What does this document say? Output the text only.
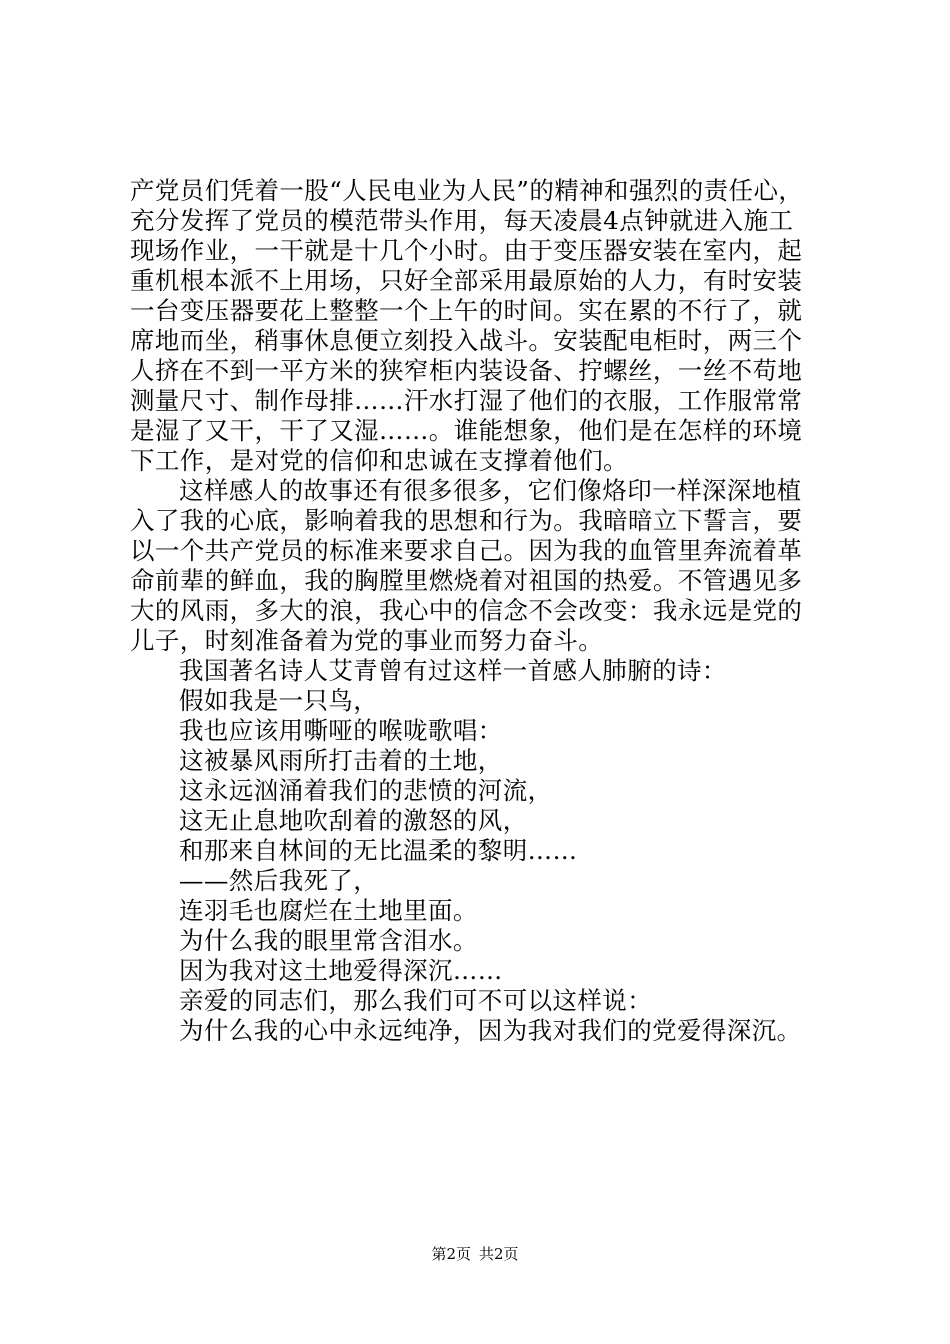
产党员们凭着一股“人民电业为人民”的精神和强烈的责任心，
充分发挥了党员的模范带头作用，每天凌晨4点钟就进入施工
现场作业，一干就是十几个小时。由于变压器安装在室内，起
重机根本派不上用场，只好全部采用最原始的人力，有时安装
一台变压器要花上整整一个上午的时间。实在累的不行了，就
席地而坐，稍事休息便立刻投入战斗。安装配电柜时，两三个
人挤在不到一平方米的狭窄柜内装设备、拧螺丝，一丝不苟地
测量尺寸、制作母排……汗水打湿了他们的衣服，工作服常常
是湿了又干，干了又湿……。谁能想象，他们是在怎样的环境
下工作，是对党的信仰和忠诚在支撑着他们。
这样感人的故事还有很多很多，它们像烙印一样深深地植
入了我的心底，影响着我的思想和行为。我暗暗立下誓言，要
以一个共产党员的标准来要求自己。因为我的血管里奔流着革
命前辈的鲜血，我的胸膛里燃烧着对祖国的热爱。不管遇见多
大的风雨，多大的浪，我心中的信念不会改变：我永远是党的
儿子，时刻准备着为党的事业而努力奋斗。
我国著名诗人艾青曾有过这样一首感人肺腑的诗：
假如我是一只鸟，
我也应该用嘶哑的喉咙歌唱：
这被暴风雨所打击着的土地，
这永远汹涌着我们的悲愤的河流，
这无止息地吹刮着的激怒的风，
和那来自林间的无比温柔的黎明……
——然后我死了，
连羽毛也腐烂在土地里面。
为什么我的眼里常含泪水。
因为我对这土地爱得深沉……
亲爱的同志们，那么我们可不可以这样说：
为什么我的心中永远纯净，因为我对我们的党爱得深沉。
第2页 共2页
